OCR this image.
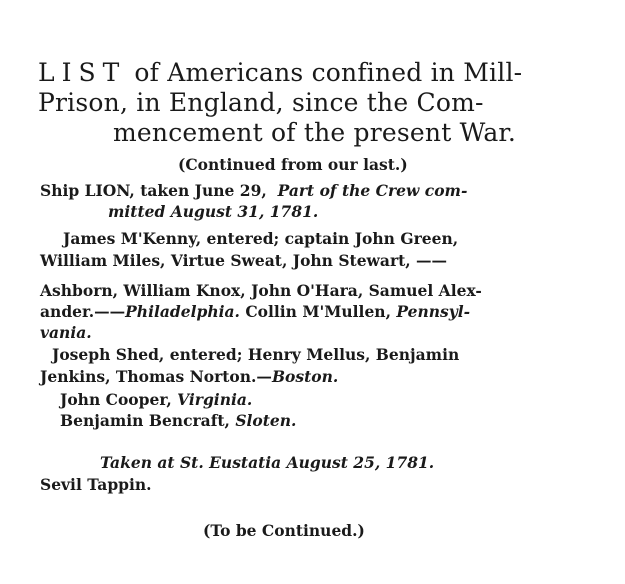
LIST of Americans confined in Mill-
Prison, in England, since the Com-
mencement of the present War.
(Continued from our last.)
Ship LION, taken June 29, Part of the Crew com-
mitted August 31, 1781.
James M'Kenny, entered; captain John Green,
William Miles, Virtue Sweat, John Stewart, ——
Ashborn, William Knox, John O'Hara, Samuel Alex-
ander.——Philadelphia. Collin M'Mullen, Pennsyl-
vania.
Joseph Shed, entered; Henry Mellus, Benjamin
Jenkins, Thomas Norton.—Boston.
John Cooper, Virginia.
Benjamin Bencraft, Sloten.
Taken at St. Eustatia August 25, 1781.
Sevil Tappin.
(To be Continued.)
